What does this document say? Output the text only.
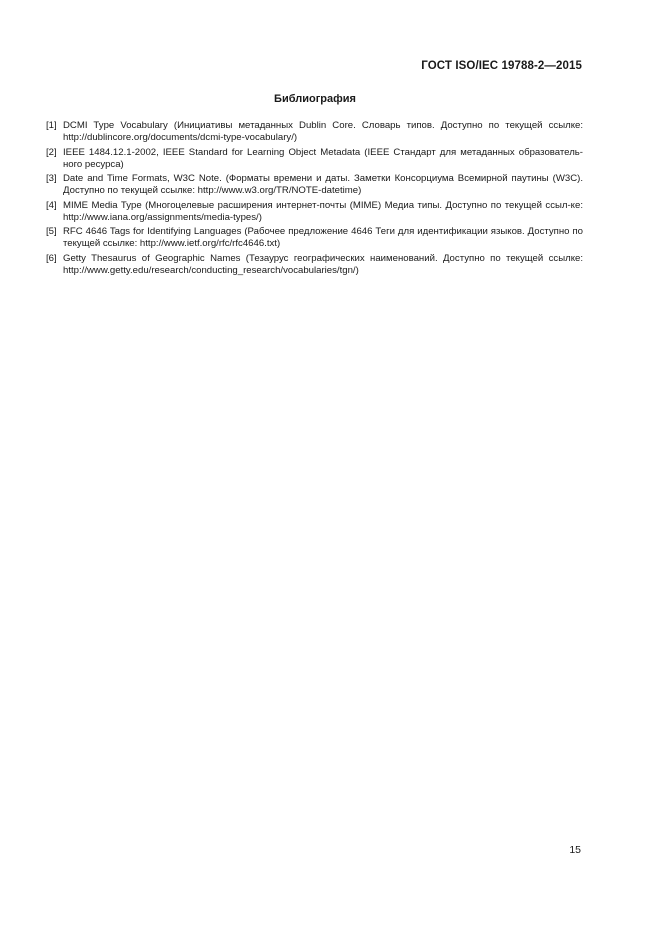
ГОСТ ISO/IEC 19788-2—2015
Библиография
[1] DCMI Type Vocabulary (Инициативы метаданных Dublin Core. Словарь типов. Доступно по текущей ссылке: http://dublincore.org/documents/dcmi-type-vocabulary/)
[2] IEEE 1484.12.1-2002, IEEE Standard for Learning Object Metadata (IEEE Стандарт для метаданных образователь-ного ресурса)
[3] Date and Time Formats, W3C Note. (Форматы времени и даты. Заметки Консорциума Всемирной паутины (W3C). Доступно по текущей ссылке: http://www.w3.org/TR/NOTE-datetime)
[4] MIME Media Type (Многоцелевые расширения интернет-почты (MIME) Медиа типы. Доступно по текущей ссыл-ке: http://www.iana.org/assignments/media-types/)
[5] RFC 4646 Tags for Identifying Languages (Рабочее предложение 4646 Теги для идентификации языков. Доступно по текущей ссылке: http://www.ietf.org/rfc/rfc4646.txt)
[6] Getty Thesaurus of Geographic Names (Тезаурус географических наименований. Доступно по текущей ссылке: http://www.getty.edu/research/conducting_research/vocabularies/tgn/)
15
